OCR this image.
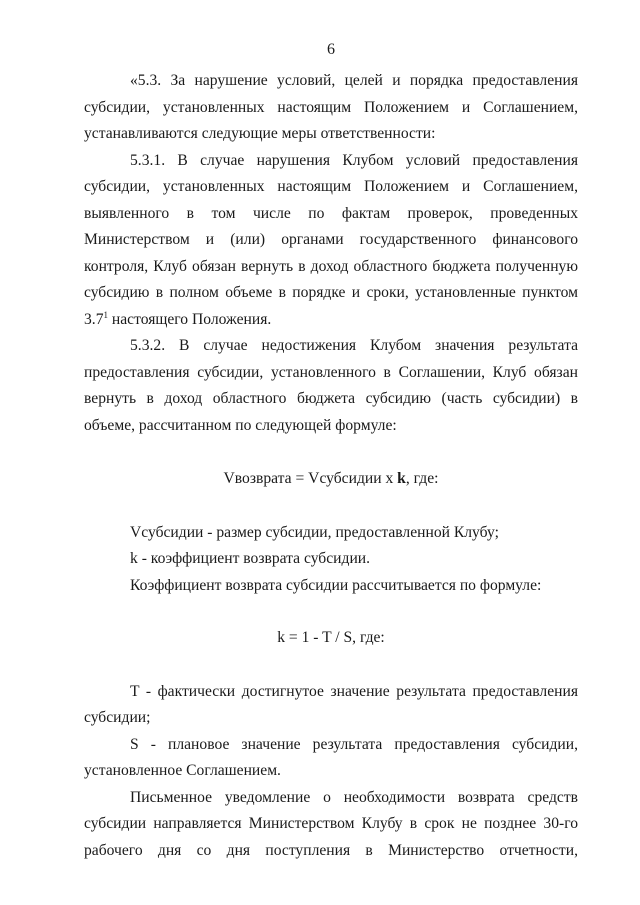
6

«5.3. За нарушение условий, целей и порядка предоставления субсидии, установленных настоящим Положением и Соглашением, устанавливаются следующие меры ответственности:

5.3.1. В случае нарушения Клубом условий предоставления субсидии, установленных настоящим Положением и Соглашением, выявленного в том числе по фактам проверок, проведенных Министерством и (или) органами государственного финансового контроля, Клуб обязан вернуть в доход областного бюджета полученную субсидию в полном объеме в порядке и сроки, установленные пунктом $3.7^1$ настоящего Положения.

5.3.2. В случае недостижения Клубом значения результата предоставления субсидии, установленного в Соглашении, Клуб обязан вернуть в доход областного бюджета субсидию (часть субсидии) в объеме, рассчитанном по следующей формуле:

Vвозврата = Vсубсидии x k, где:

Vсубсидии - размер субсидии, предоставленной Клубу;

k - коэффициент возврата субсидии.

Коэффициент возврата субсидии рассчитывается по формуле:

k = 1 - T / S, где:

T - фактически достигнутое значение результата предоставления субсидии;

S - плановое значение результата предоставления субсидии, установленное Соглашением.

Письменное уведомление о необходимости возврата средств субсидии направляется Министерством Клубу в срок не позднее 30-го рабочего дня со дня поступления в Министерство отчетности,
